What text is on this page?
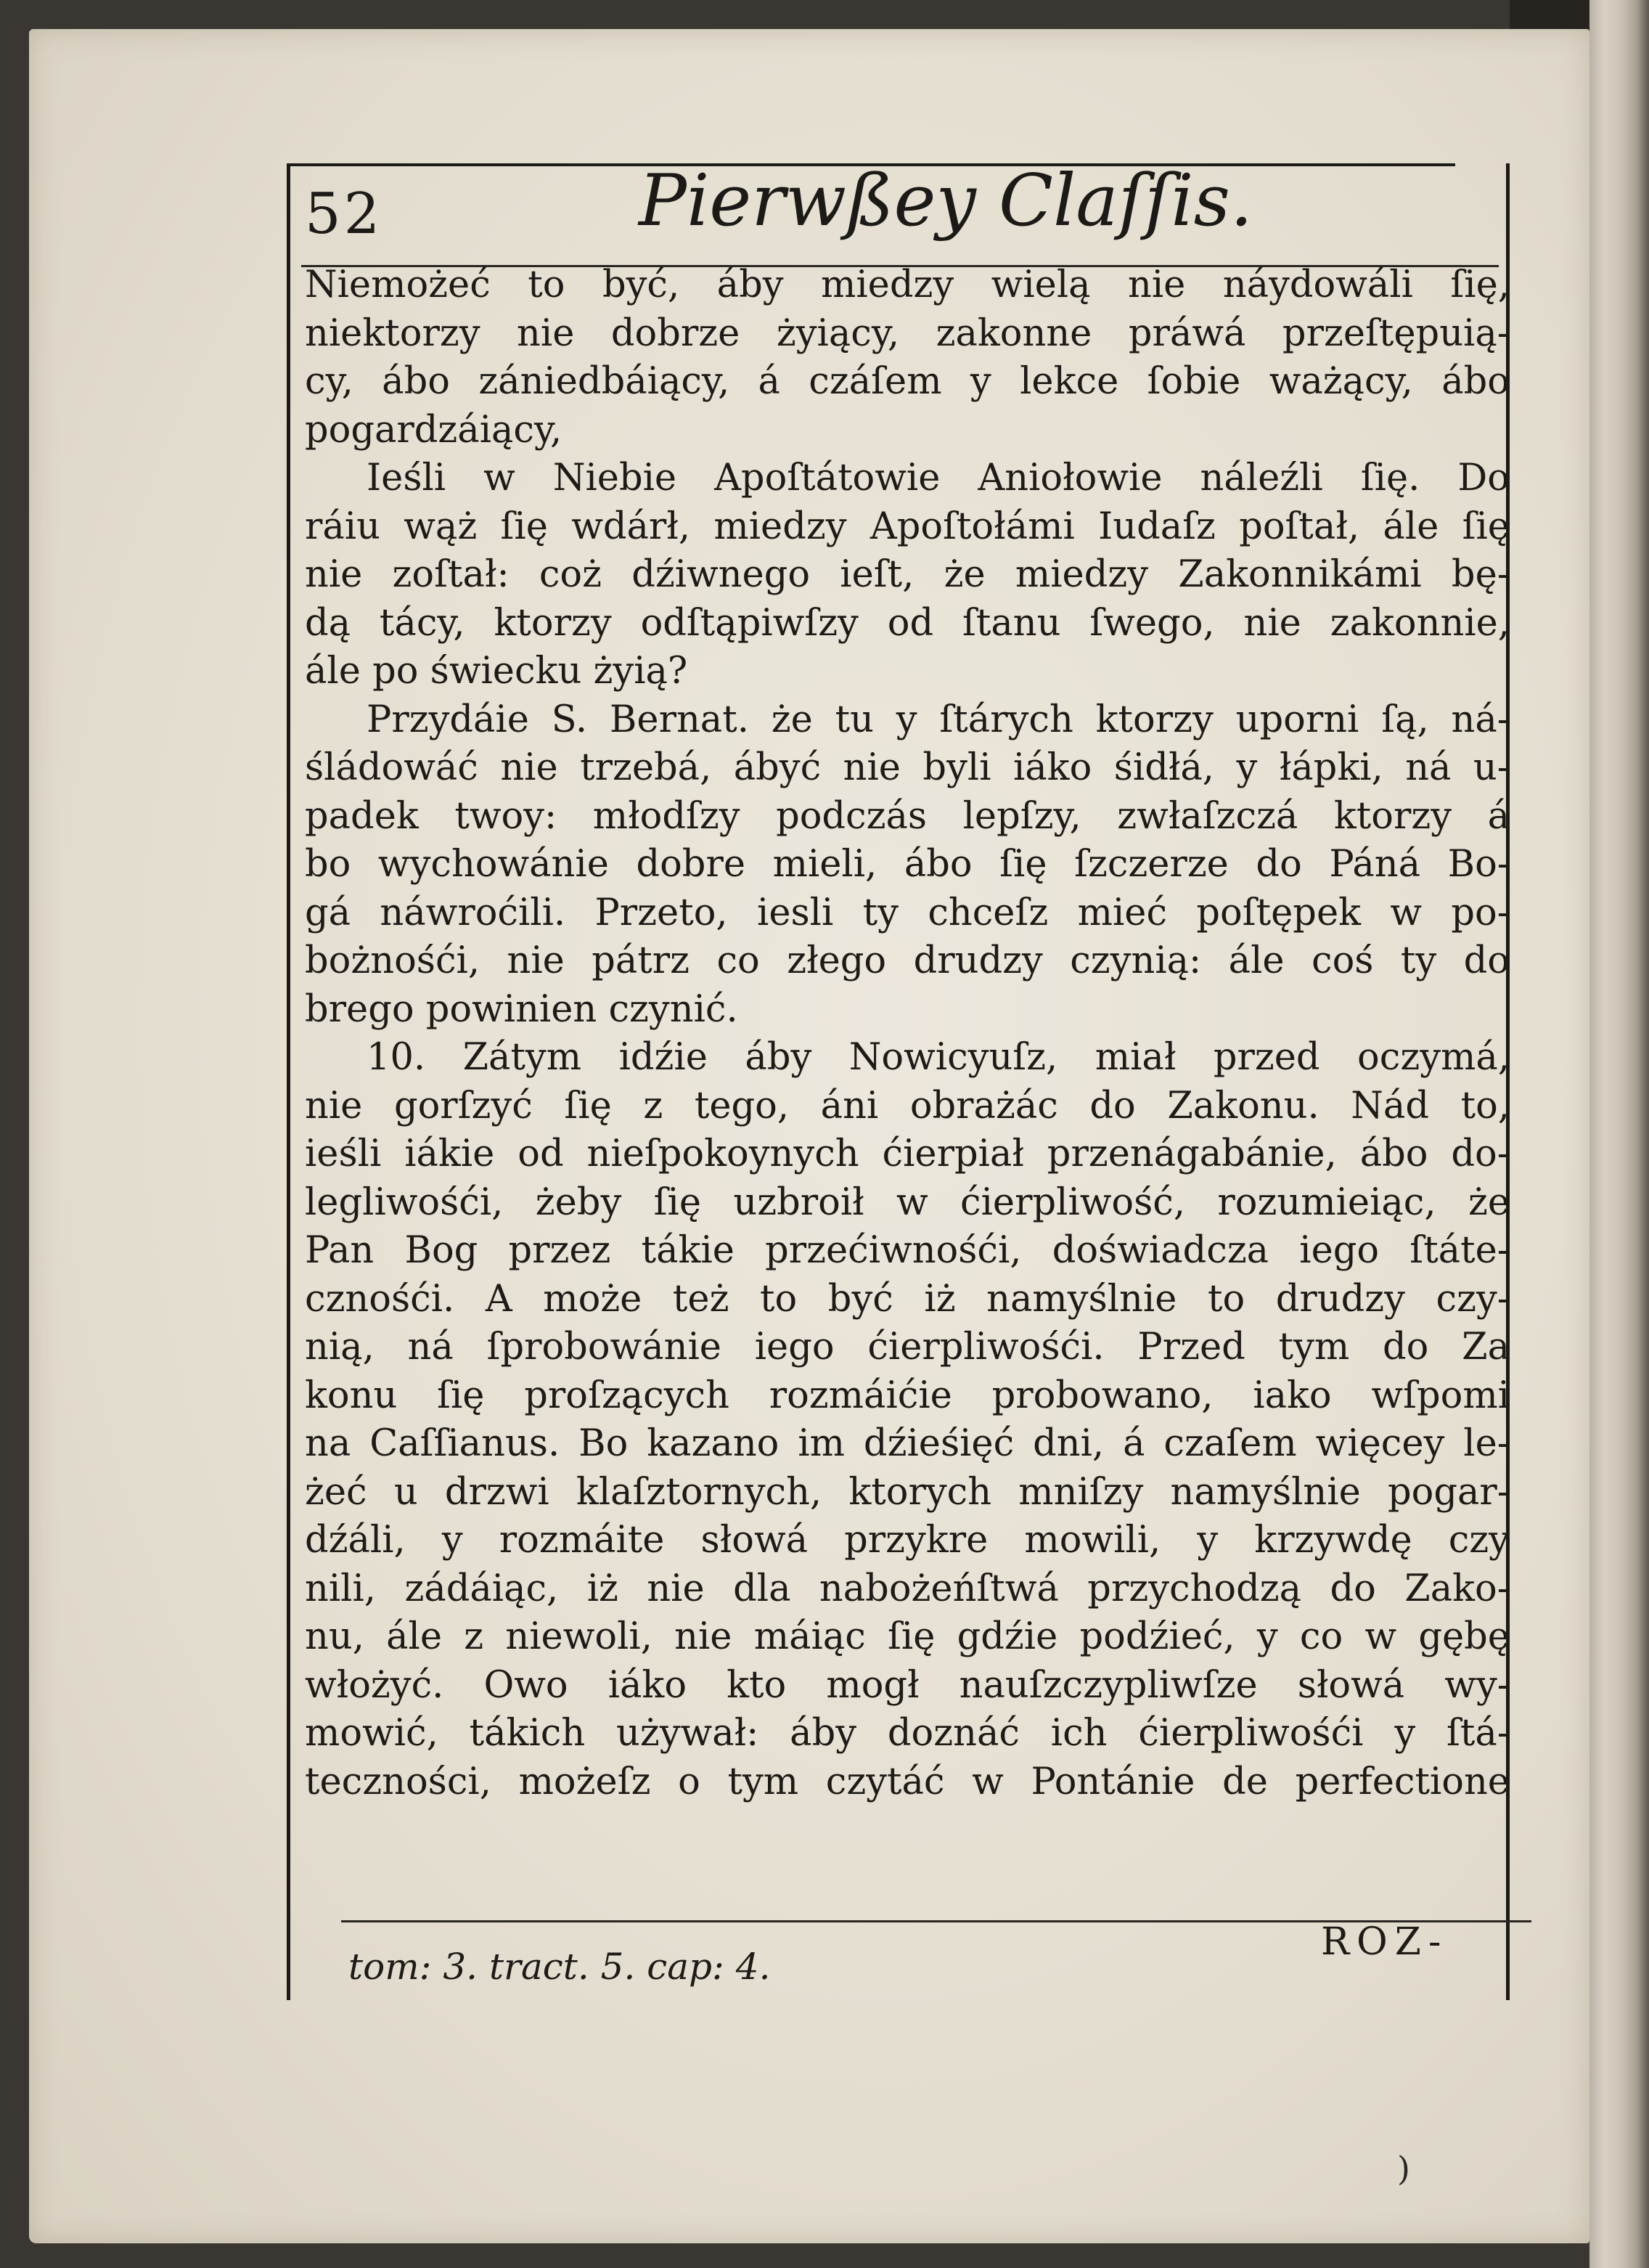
52	Pierwßey Claſſis.
Niemożeć to być, áby miedzy wielą nie náydowáli ſię,
niektorzy nie dobrze żyiący, zakonne práwá przeſtępuią-
cy, ábo zániedbáiący, á czáſem y lekce ſobie ważący, ábo
pogardzáiący,
Ieśli w Niebie Apoſtátowie Aniołowie náleźli ſię. Do
ráiu wąż ſię wdárł, miedzy Apoſtołámi Iudaſz poſtał, ále ſię
nie zoſtał: coż dźiwnego ieſt, że miedzy Zakonnikámi bę-
dą tácy, ktorzy odſtąpiwſzy od ſtanu ſwego, nie zakonnie,
ále po świecku żyią?
Przydáie S. Bernat. że tu y ſtárych ktorzy uporni ſą, ná-
śládowáć nie trzebá, ábyć nie byli iáko śidłá, y łápki, ná u-
padek twoy: młodſzy podczás lepſzy, zwłaſzczá ktorzy á
bo wychowánie dobre mieli, ábo ſię ſzczerze do Páná Bo-
gá náwroćili. Przeto, iesli ty chceſz mieć poſtępek w po-
bożnośći, nie pátrz co złego drudzy czynią: ále coś ty do
brego powinien czynić.
10. Zátym idźie áby Nowicyuſz, miał przed oczymá,
nie gorſzyć ſię z tego, áni obrażác do Zakonu. Nád to,
ieśli iákie od nieſpokoynych ćierpiał przenágabánie, ábo do-
legliwośći, żeby ſię uzbroił w ćierpliwość, rozumieiąc, że
Pan Bog przez tákie przećiwnośći, doświadcza iego ſtáte-
cznośći. A może też to być iż namyślnie to drudzy czy-
nią, ná ſprobowánie iego ćierpliwośći. Przed tym do Za
konu ſię proſzących rozmáićie probowano, iako wſpomi
na Caſſianus. Bo kazano im dźieśięć dni, á czaſem więcey le-
żeć u drzwi klaſztornych, ktorych mniſzy namyślnie pogar-
dźáli, y rozmáite słowá przykre mowili, y krzywdę czy
nili, zádáiąc, iż nie dla nabożeńſtwá przychodzą do Zako-
nu, ále z niewoli, nie máiąc ſię gdźie podźieć, y co w gębę
włożyć. Owo iáko kto mogł nauſzczypliwſze słowá wy-
mowić, tákich używał: áby doznáć ich ćierpliwośći y ſtá-
teczności, możeſz o tym czytáć w Pontánie de perfectione
tom: 3. tract. 5. cap: 4.
ROZ-
)
